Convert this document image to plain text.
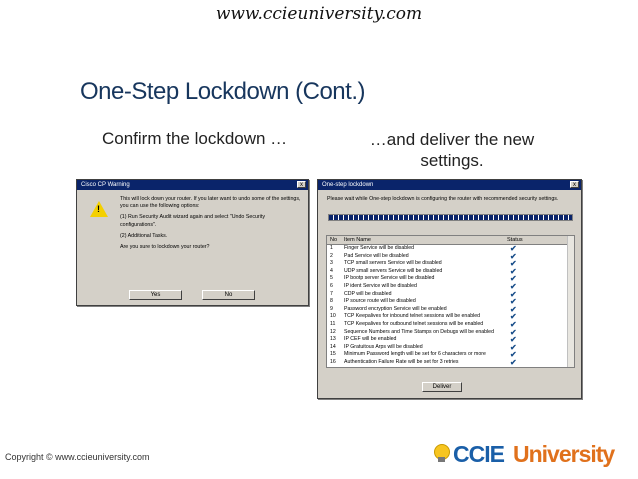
www.ccieuniversity.com
One-Step Lockdown (Cont.)
Confirm the lockdown …	…and deliver the new settings.
Cisco CP Warning	x
!

This will lock down your router. If you later want to undo some of the settings, you can use the following options:

(1) Run Security Audit wizard again and select "Undo Security configurations".

(2) Additional Tasks.

Are you sure to lockdown your router?

Yes	No
One-step lockdown	x
Please wait while One-step lockdown is configuring the router with recommended security settings.
No Item Name	Status
1 Finger Service will be disabled	✔
2 Pad Service will be disabled	✔
3 TCP small servers Service will be disabled	✔
4 UDP small servers Service will be disabled	✔
5 IP bootp server Service will be disabled	✔
6 IP ident Service will be disabled	✔
7 CDP will be disabled	✔
8 IP source route will be disabled	✔
9 Password encryption Service will be enabled	✔
10 TCP Keepalives for inbound telnet sessions will be enabled	✔
11 TCP Keepalives for outbound telnet sessions will be enabled	✔
12 Sequence Numbers and Time Stamps on Debugs will be enabled ✔
13 IP CEF will be enabled	✔
14 IP Gratuitous Arps will be disabled	✔
15 Minimum Password length will be set for 6 characters or more	✔
16 Authentication Failure Rate will be set for 3 retries	✔
Deliver
Copyright © www.ccieuniversity.com	CCIE University
